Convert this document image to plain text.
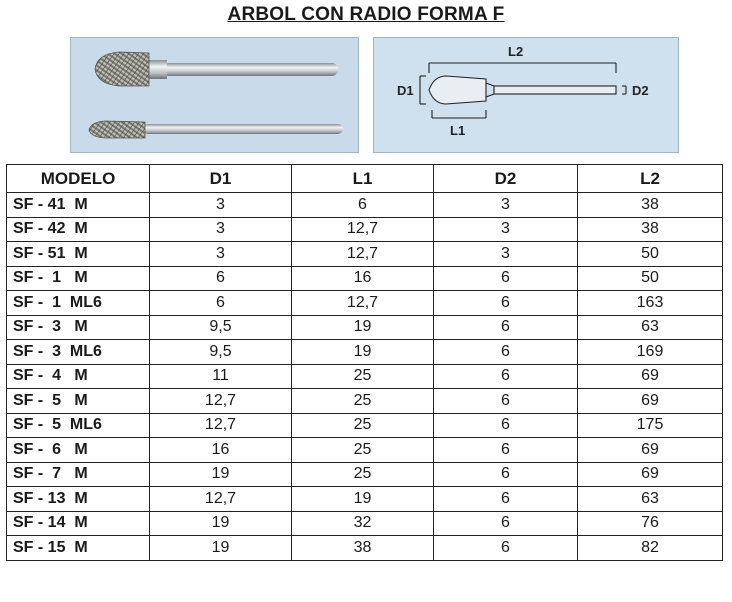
ARBOL CON RADIO FORMA F
L2
D1	D2
L1
MODELO	D1	L1	D2	L2
SF - 41  M	3	6	3	38
SF - 42  M	3	12,7	3	38
SF - 51  M	3	12,7	3	50
SF -  1   M	6	16	6	50
SF -  1  ML6	6	12,7	6	163
SF -  3   M	9,5	19	6	63
SF -  3  ML6	9,5	19	6	169
SF -  4   M	11	25	6	69
SF -  5   M	12,7	25	6	69
SF -  5  ML6	12,7	25	6	175
SF -  6   M	16	25	6	69
SF -  7   M	19	25	6	69
SF - 13  M	12,7	19	6	63
SF - 14  M	19	32	6	76
SF - 15  M	19	38	6	82
